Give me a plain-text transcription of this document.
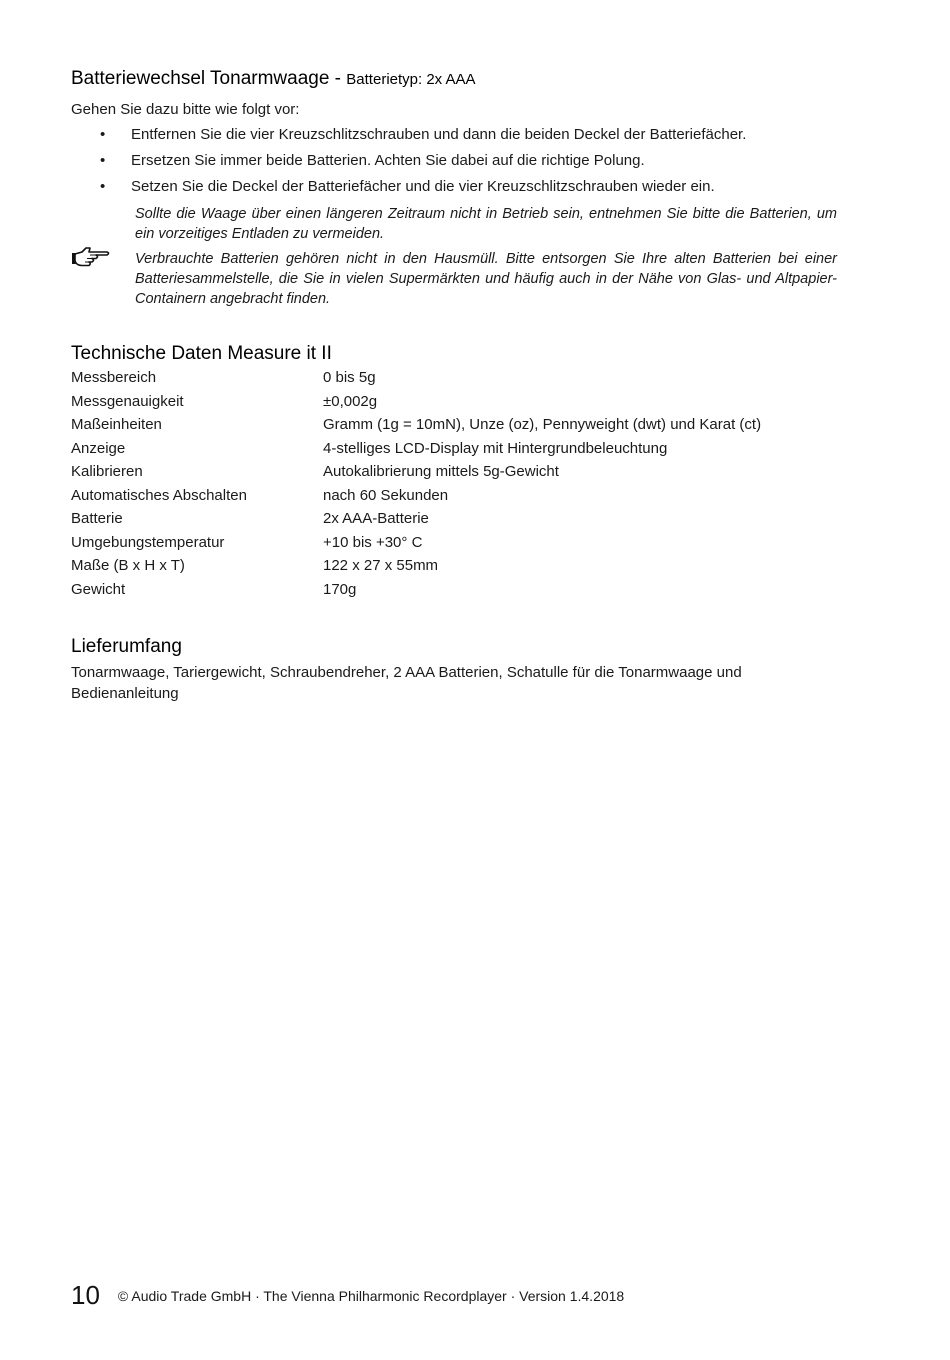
Batteriewechsel Tonarmwaage - Batterietyp: 2x AAA
Gehen Sie dazu bitte wie folgt vor:
• Entfernen Sie die vier Kreuzschlitzschrauben und dann die beiden Deckel der Batteriefächer.
• Ersetzen Sie immer beide Batterien. Achten Sie dabei auf die richtige Polung.
• Setzen Sie die Deckel der Batteriefächer und die vier Kreuzschlitzschrauben wieder ein.
Sollte die Waage über einen längeren Zeitraum nicht in Betrieb sein, entnehmen Sie bitte die Batterien, um ein vorzeitiges Entladen zu vermeiden.
Verbrauchte Batterien gehören nicht in den Hausmüll. Bitte entsorgen Sie Ihre alten Batterien bei einer Batteriesammelstelle, die Sie in vielen Supermärkten und häufig auch in der Nähe von Glas- und Altpapier-Containern angebracht finden.
Technische Daten Measure it II
Messbereich	0 bis 5g
Messgenauigkeit	±0,002g
Maßeinheiten	Gramm (1g = 10mN), Unze (oz), Pennyweight (dwt) und Karat (ct)
Anzeige	4-stelliges LCD-Display mit Hintergrundbeleuchtung
Kalibrieren	Autokalibrierung mittels 5g-Gewicht
Automatisches Abschalten	nach 60 Sekunden
Batterie	2x AAA-Batterie
Umgebungstemperatur	+10 bis +30° C
Maße (B x H x T)	122 x 27 x 55mm
Gewicht	170g
Lieferumfang
Tonarmwaage, Tariergewicht, Schraubendreher, 2 AAA Batterien, Schatulle für die Tonarmwaage und Bedienanleitung
10 © Audio Trade GmbH · The Vienna Philharmonic Recordplayer · Version 1.4.2018
